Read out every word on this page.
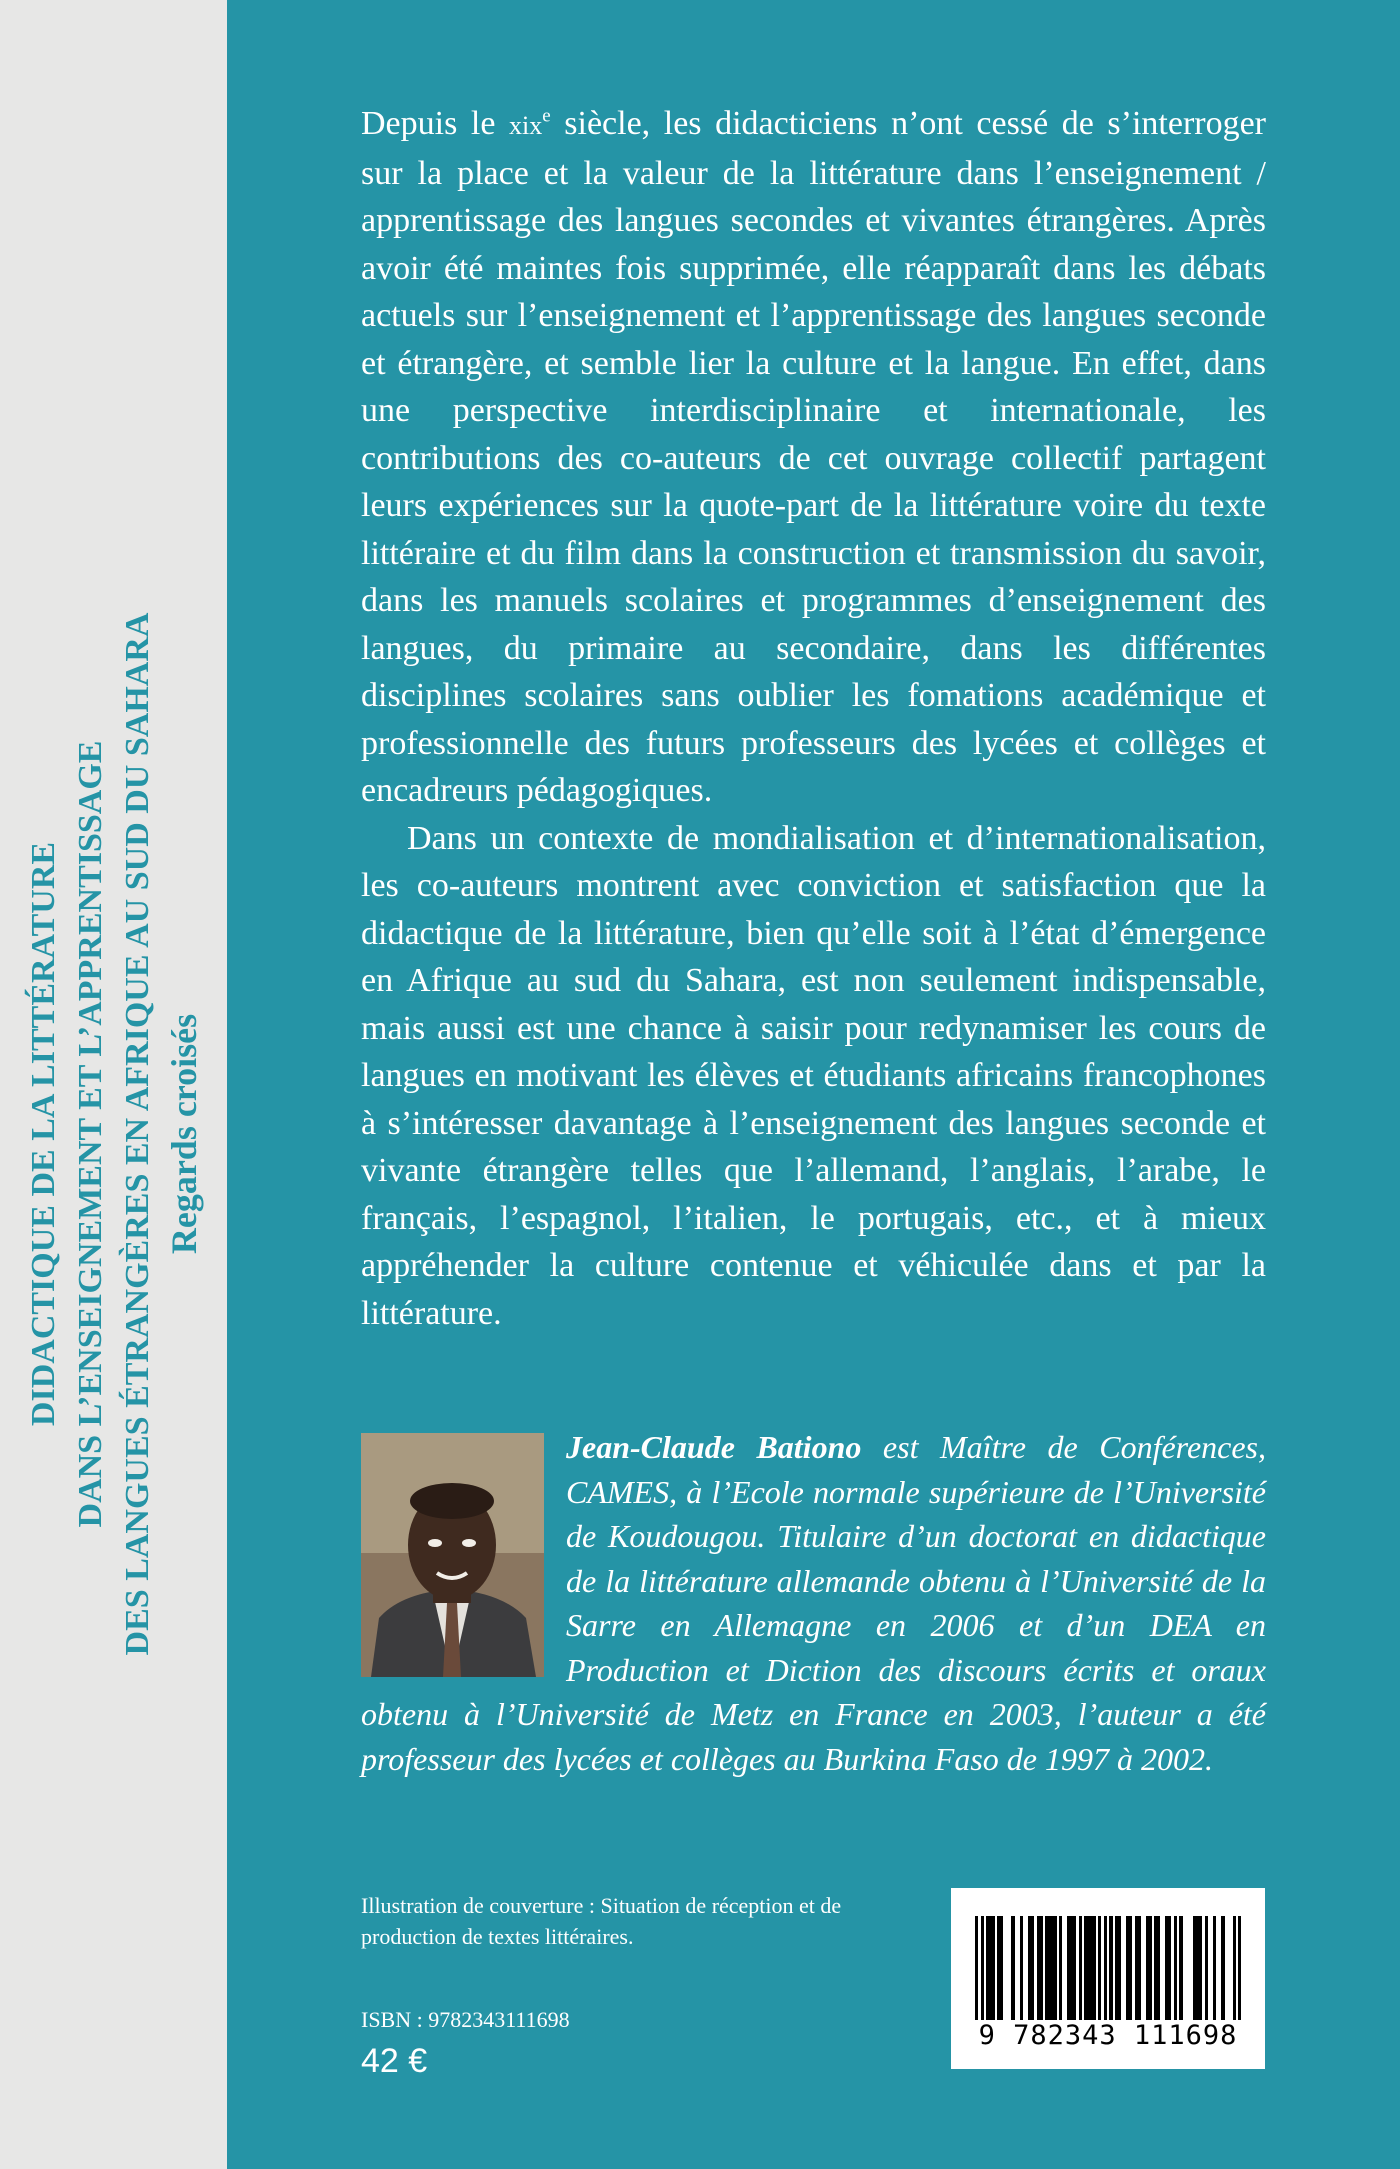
DIDACTIQUE DE LA LITTÉRATURE DANS L’ENSEIGNEMENT ET L’APPRENTISSAGE DES LANGUES ÉTRANGÈRES EN AFRIQUE AU SUD DU SAHARA Regards croisés

Depuis le xix$^e$ siècle, les didacticiens n’ont cessé de s’interroger sur la place et la valeur de la littérature dans l’enseignement / apprentissage des langues secondes et vivantes étrangères. Après avoir été maintes fois supprimée, elle réapparaît dans les débats actuels sur l’enseignement et l’apprentissage des langues seconde et étrangère, et semble lier la culture et la langue. En effet, dans une perspective interdisciplinaire et internationale, les contributions des co-auteurs de cet ouvrage collectif partagent leurs expériences sur la quote-part de la littérature voire du texte littéraire et du film dans la construction et transmission du savoir, dans les manuels scolaires et programmes d’enseignement des langues, du primaire au secondaire, dans les différentes disciplines scolaires sans oublier les fomations académique et professionnelle des futurs professeurs des lycées et collèges et encadreurs pédagogiques.

Dans un contexte de mondialisation et d’internationalisation, les co-auteurs montrent avec conviction et satisfaction que la didactique de la littérature, bien qu’elle soit à l’état d’émergence en Afrique au sud du Sahara, est non seulement indispensable, mais aussi est une chance à saisir pour redynamiser les cours de langues en motivant les élèves et étudiants africains francophones à s’intéresser davantage à l’enseignement des langues seconde et vivante étrangère telles que l’allemand, l’anglais, l’arabe, le français, l’espagnol, l’italien, le portugais, etc., et à mieux appréhender la culture contenue et véhiculée dans et par la littérature.

Jean-Claude Bationo est Maître de Conférences, CAMES, à l’Ecole normale supérieure de l’Université de Koudougou. Titulaire d’un doctorat en didactique de la littérature allemande obtenu à l’Université de la Sarre en Allemagne en 2006 et d’un DEA en Production et Diction des discours écrits et oraux obtenu à l’Université de Metz en France en 2003, l’auteur a été professeur des lycées et collèges au Burkina Faso de 1997 à 2002.

Illustration de couverture : Situation de réception et de production de textes littéraires.
ISBN : 9782343111698
42 €
9 782343 111698
